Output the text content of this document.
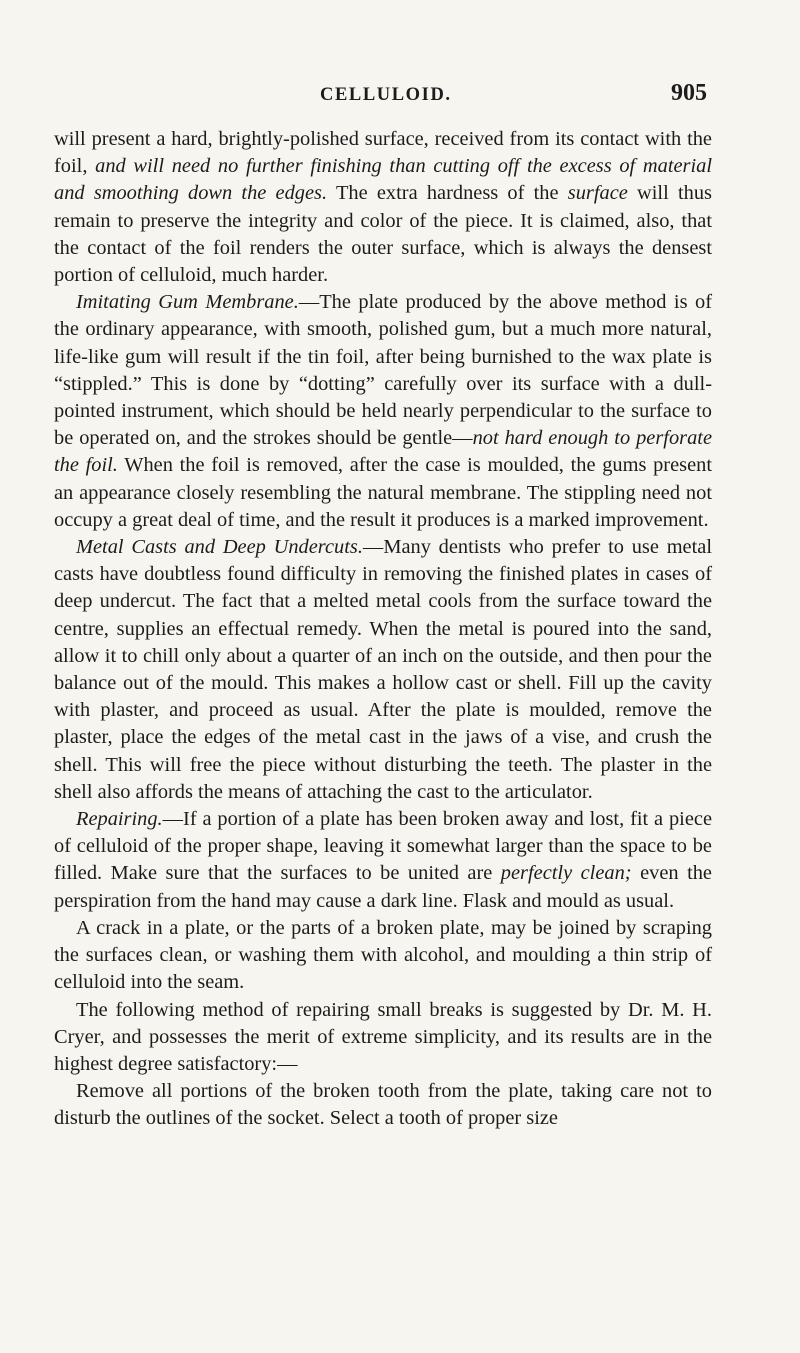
CELLULOID.	905

will present a hard, brightly-polished surface, received from its contact with the foil, and will need no further finishing than cutting off the excess of material and smoothing down the edges. The extra hardness of the surface will thus remain to preserve the integrity and color of the piece. It is claimed, also, that the contact of the foil renders the outer surface, which is always the densest portion of celluloid, much harder.

Imitating Gum Membrane.—The plate produced by the above method is of the ordinary appearance, with smooth, polished gum, but a much more natural, life-like gum will result if the tin foil, after being burnished to the wax plate is “stippled.” This is done by “dotting” carefully over its surface with a dull-pointed instrument, which should be held nearly perpendicular to the surface to be operated on, and the strokes should be gentle—not hard enough to perforate the foil. When the foil is removed, after the case is moulded, the gums present an appearance closely resembling the natural membrane. The stippling need not occupy a great deal of time, and the result it produces is a marked improvement.

Metal Casts and Deep Undercuts.—Many dentists who prefer to use metal casts have doubtless found difficulty in removing the finished plates in cases of deep undercut. The fact that a melted metal cools from the surface toward the centre, supplies an effectual remedy. When the metal is poured into the sand, allow it to chill only about a quarter of an inch on the outside, and then pour the balance out of the mould. This makes a hollow cast or shell. Fill up the cavity with plaster, and proceed as usual. After the plate is moulded, remove the plaster, place the edges of the metal cast in the jaws of a vise, and crush the shell. This will free the piece without disturbing the teeth. The plaster in the shell also affords the means of attaching the cast to the articulator.

Repairing.—If a portion of a plate has been broken away and lost, fit a piece of celluloid of the proper shape, leaving it somewhat larger than the space to be filled. Make sure that the surfaces to be united are perfectly clean; even the perspiration from the hand may cause a dark line. Flask and mould as usual.

A crack in a plate, or the parts of a broken plate, may be joined by scraping the surfaces clean, or washing them with alcohol, and moulding a thin strip of celluloid into the seam.

The following method of repairing small breaks is suggested by Dr. M. H. Cryer, and possesses the merit of extreme simplicity, and its results are in the highest degree satisfactory:—

Remove all portions of the broken tooth from the plate, taking care not to disturb the outlines of the socket. Select a tooth of proper size
